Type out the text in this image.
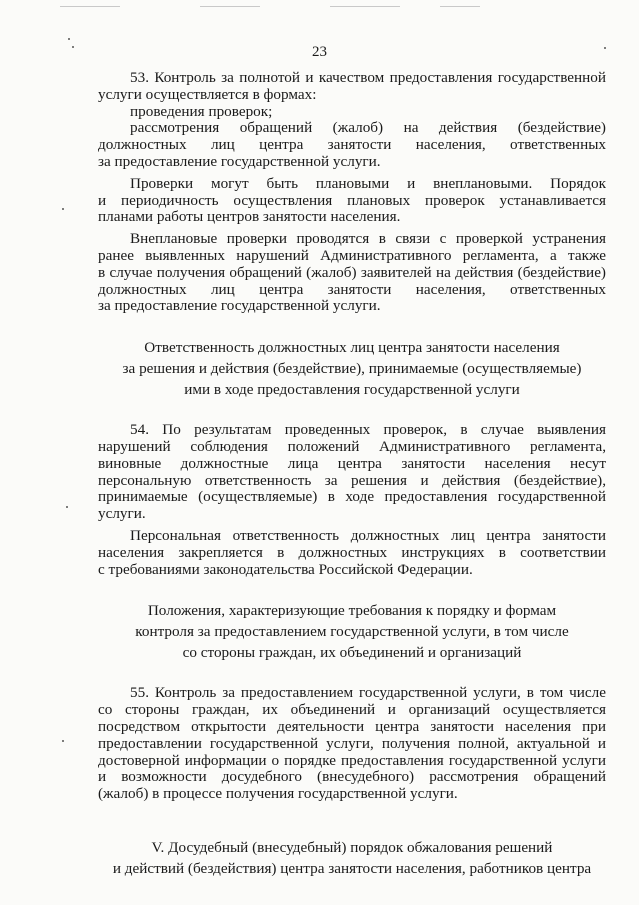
23
53. Контроль за полнотой и качеством предоставления государственной
услуги осуществляется в формах:
проведения проверок;
рассмотрения обращений (жалоб) на действия (бездействие)
должностных лиц центра занятости населения, ответственных
за предоставление государственной услуги.
Проверки могут быть плановыми и внеплановыми. Порядок
и периодичность осуществления плановых проверок устанавливается
планами работы центров занятости населения.
Внеплановые проверки проводятся в связи с проверкой устранения
ранее выявленных нарушений Административного регламента, а также
в случае получения обращений (жалоб) заявителей на действия (бездействие)
должностных лиц центра занятости населения, ответственных
за предоставление государственной услуги.
Ответственность должностных лиц центра занятости населения
за решения и действия (бездействие), принимаемые (осуществляемые)
ими в ходе предоставления государственной услуги
54. По результатам проведенных проверок, в случае выявления
нарушений соблюдения положений Административного регламента,
виновные должностные лица центра занятости населения несут
персональную ответственность за решения и действия (бездействие),
принимаемые (осуществляемые) в ходе предоставления государственной
услуги.
Персональная ответственность должностных лиц центра занятости
населения закрепляется в должностных инструкциях в соответствии
с требованиями законодательства Российской Федерации.
Положения, характеризующие требования к порядку и формам
контроля за предоставлением государственной услуги, в том числе
со стороны граждан, их объединений и организаций
55. Контроль за предоставлением государственной услуги, в том числе
со стороны граждан, их объединений и организаций осуществляется
посредством открытости деятельности центра занятости населения при
предоставлении государственной услуги, получения полной, актуальной и
достоверной информации о порядке предоставления государственной услуги
и возможности досудебного (внесудебного) рассмотрения обращений
(жалоб) в процессе получения государственной услуги.
V. Досудебный (внесудебный) порядок обжалования решений
и действий (бездействия) центра занятости населения, работников центра
